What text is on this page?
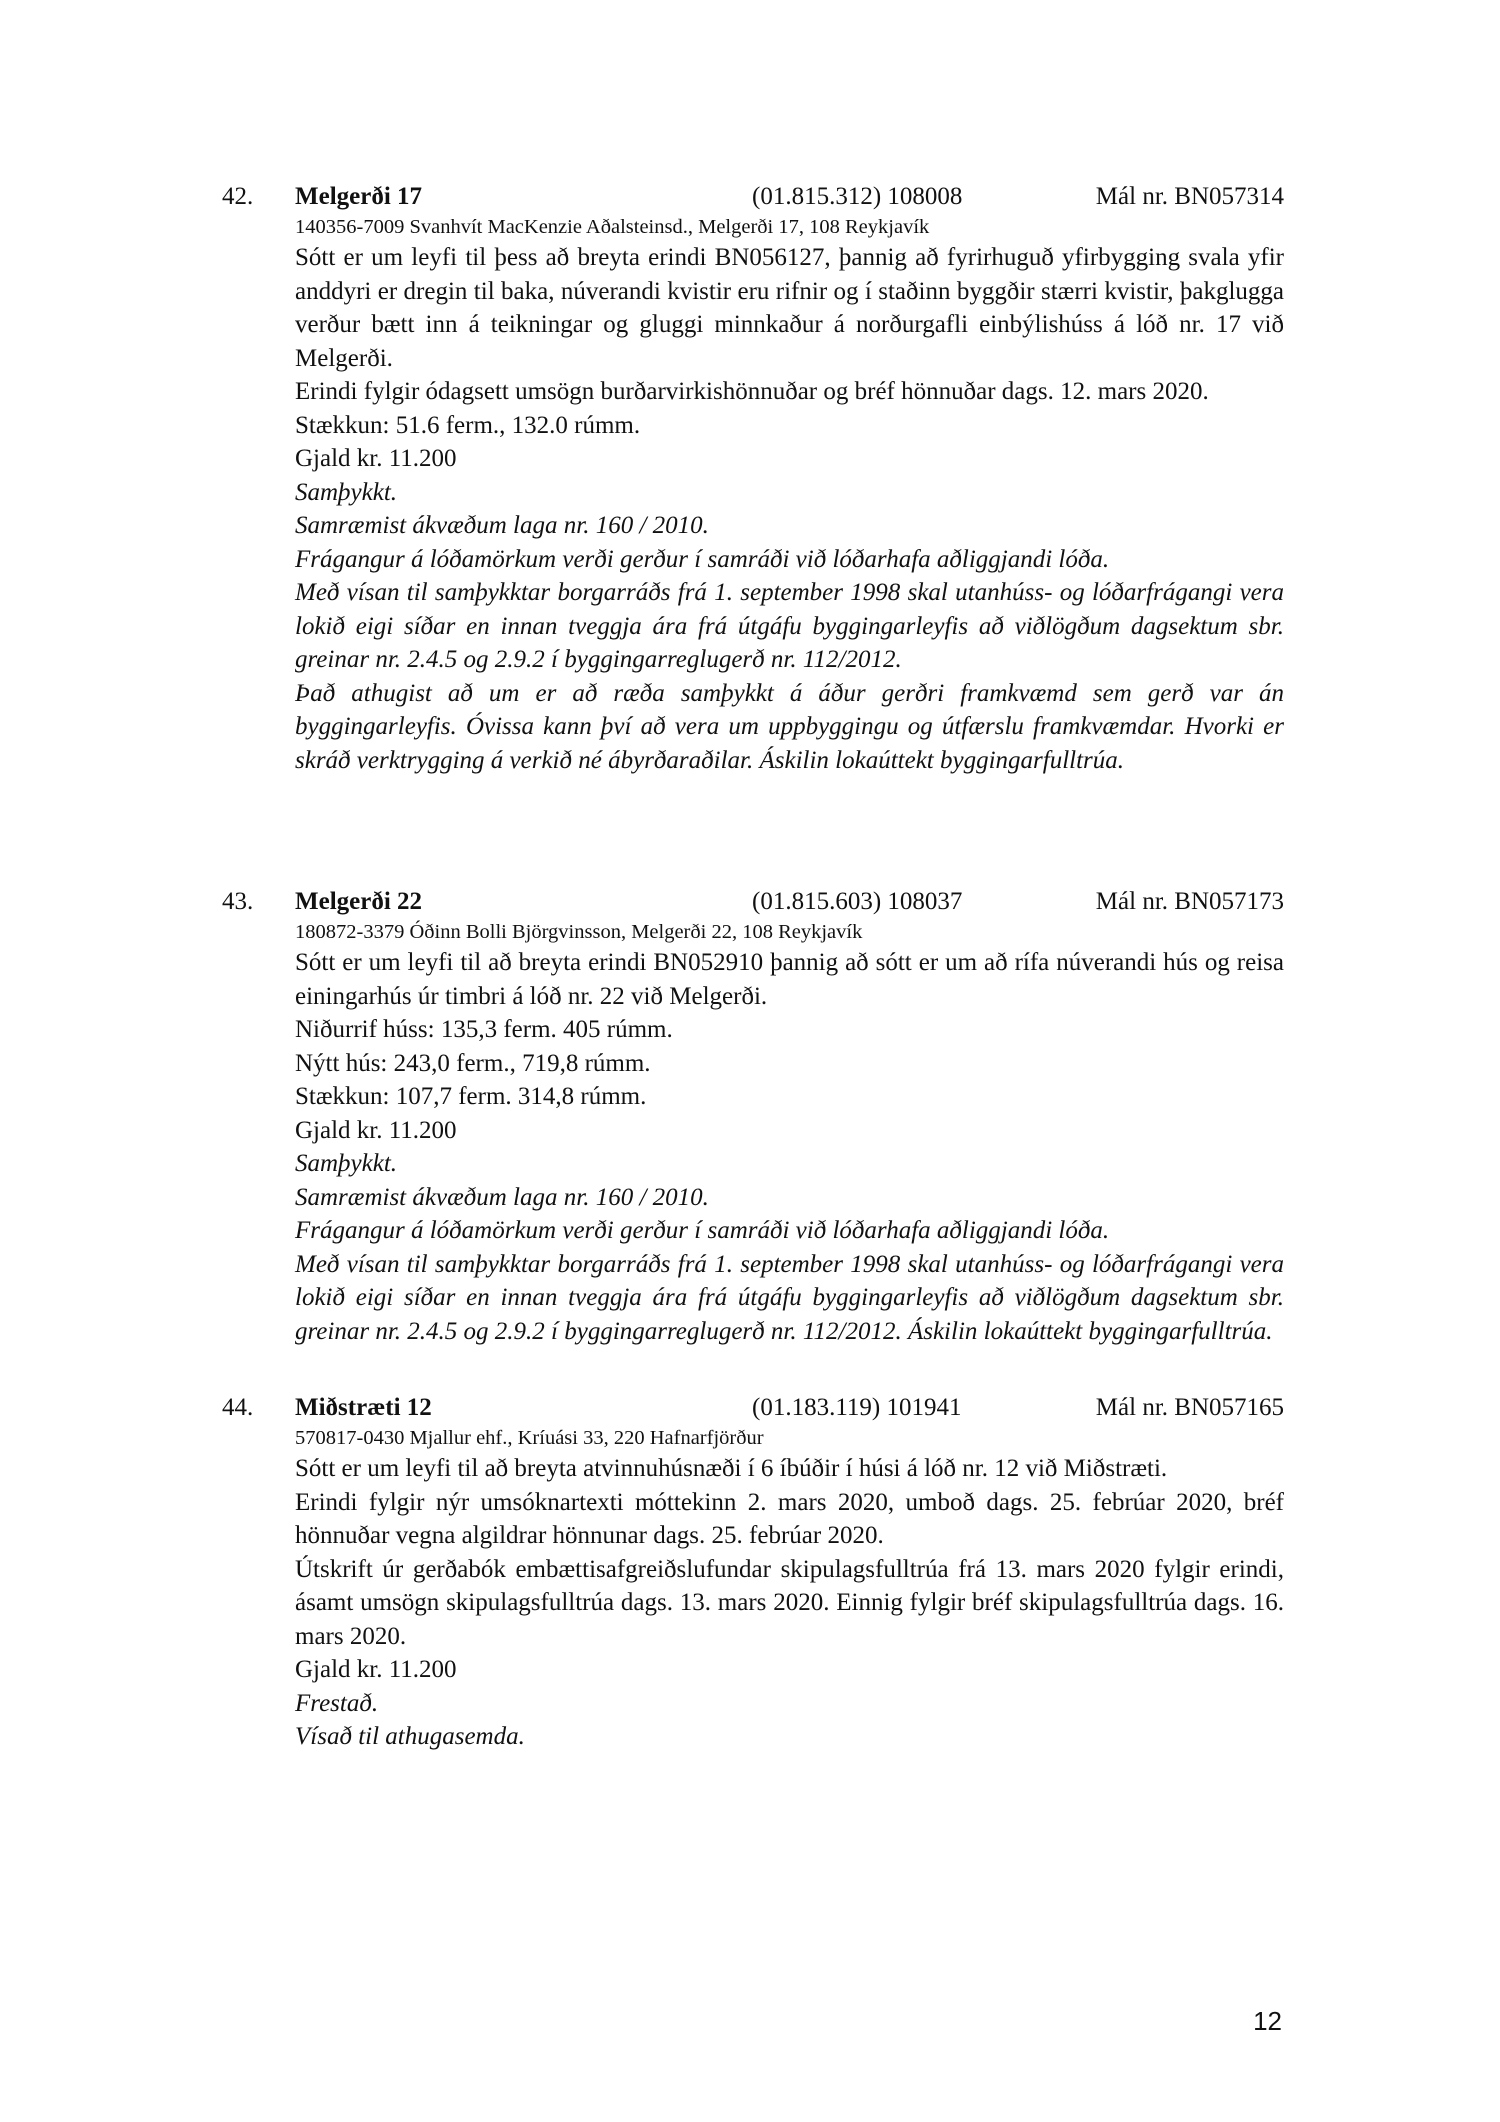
42. Melgerði 17	(01.815.312) 108008	Mál nr. BN057314
140356-7009 Svanhvít MacKenzie Aðalsteinsd., Melgerði 17, 108 Reykjavík

Sótt er um leyfi til þess að breyta erindi BN056127, þannig að fyrirhuguð yfirbygging svala yfir anddyri er dregin til baka, núverandi kvistir eru rifnir og í staðinn byggðir stærri kvistir, þakglugga verður bætt inn á teikningar og gluggi minnkaður á norðurgafli einbýlishúss á lóð nr. 17 við Melgerði.

Erindi fylgir ódagsett umsögn burðarvirkishönnuðar og bréf hönnuðar dags. 12. mars 2020.

Stækkun: 51.6 ferm., 132.0 rúmm.

Gjald kr. 11.200

Samþykkt.

Samræmist ákvæðum laga nr. 160 / 2010.

Frágangur á lóðamörkum verði gerður í samráði við lóðarhafa aðliggjandi lóða.

Með vísan til samþykktar borgarráðs frá 1. september 1998 skal utanhúss- og lóðarfrágangi vera lokið eigi síðar en innan tveggja ára frá útgáfu byggingarleyfis að viðlögðum dagsektum sbr. greinar nr. 2.4.5 og 2.9.2 í byggingarreglugerð nr. 112/2012.

Það athugist að um er að ræða samþykkt á áður gerðri framkvæmd sem gerð var án byggingarleyfis. Óvissa kann því að vera um uppbyggingu og útfærslu framkvæmdar. Hvorki er skráð verktrygging á verkið né ábyrðaraðilar. Áskilin lokaúttekt byggingarfulltrúa.

43. Melgerði 22	(01.815.603) 108037	Mál nr. BN057173
180872-3379 Óðinn Bolli Björgvinsson, Melgerði 22, 108 Reykjavík

Sótt er um leyfi til að breyta erindi BN052910 þannig að sótt er um að rífa núverandi hús og reisa einingarhús úr timbri á lóð nr. 22 við Melgerði.

Niðurrif húss: 135,3 ferm. 405 rúmm.

Nýtt hús: 243,0 ferm., 719,8 rúmm.

Stækkun: 107,7 ferm. 314,8 rúmm.

Gjald kr. 11.200

Samþykkt.

Samræmist ákvæðum laga nr. 160 / 2010.

Frágangur á lóðamörkum verði gerður í samráði við lóðarhafa aðliggjandi lóða.

Með vísan til samþykktar borgarráðs frá 1. september 1998 skal utanhúss- og lóðarfrágangi vera lokið eigi síðar en innan tveggja ára frá útgáfu byggingarleyfis að viðlögðum dagsektum sbr. greinar nr. 2.4.5 og 2.9.2 í byggingarreglugerð nr. 112/2012. Áskilin lokaúttekt byggingarfulltrúa.

44. Miðstræti 12	(01.183.119) 101941	Mál nr. BN057165
570817-0430 Mjallur ehf., Kríuási 33, 220 Hafnarfjörður

Sótt er um leyfi til að breyta atvinnuhúsnæði í 6 íbúðir í húsi á lóð nr. 12 við Miðstræti.

Erindi fylgir nýr umsóknartexti móttekinn 2. mars 2020, umboð dags. 25. febrúar 2020, bréf hönnuðar vegna algildrar hönnunar dags. 25. febrúar 2020.

Útskrift úr gerðabók embættisafgreiðslufundar skipulagsfulltrúa frá 13. mars 2020 fylgir erindi, ásamt umsögn skipulagsfulltrúa dags. 13. mars 2020. Einnig fylgir bréf skipulagsfulltrúa dags. 16. mars 2020.

Gjald kr. 11.200

Frestað.

Vísað til athugasemda.

12
